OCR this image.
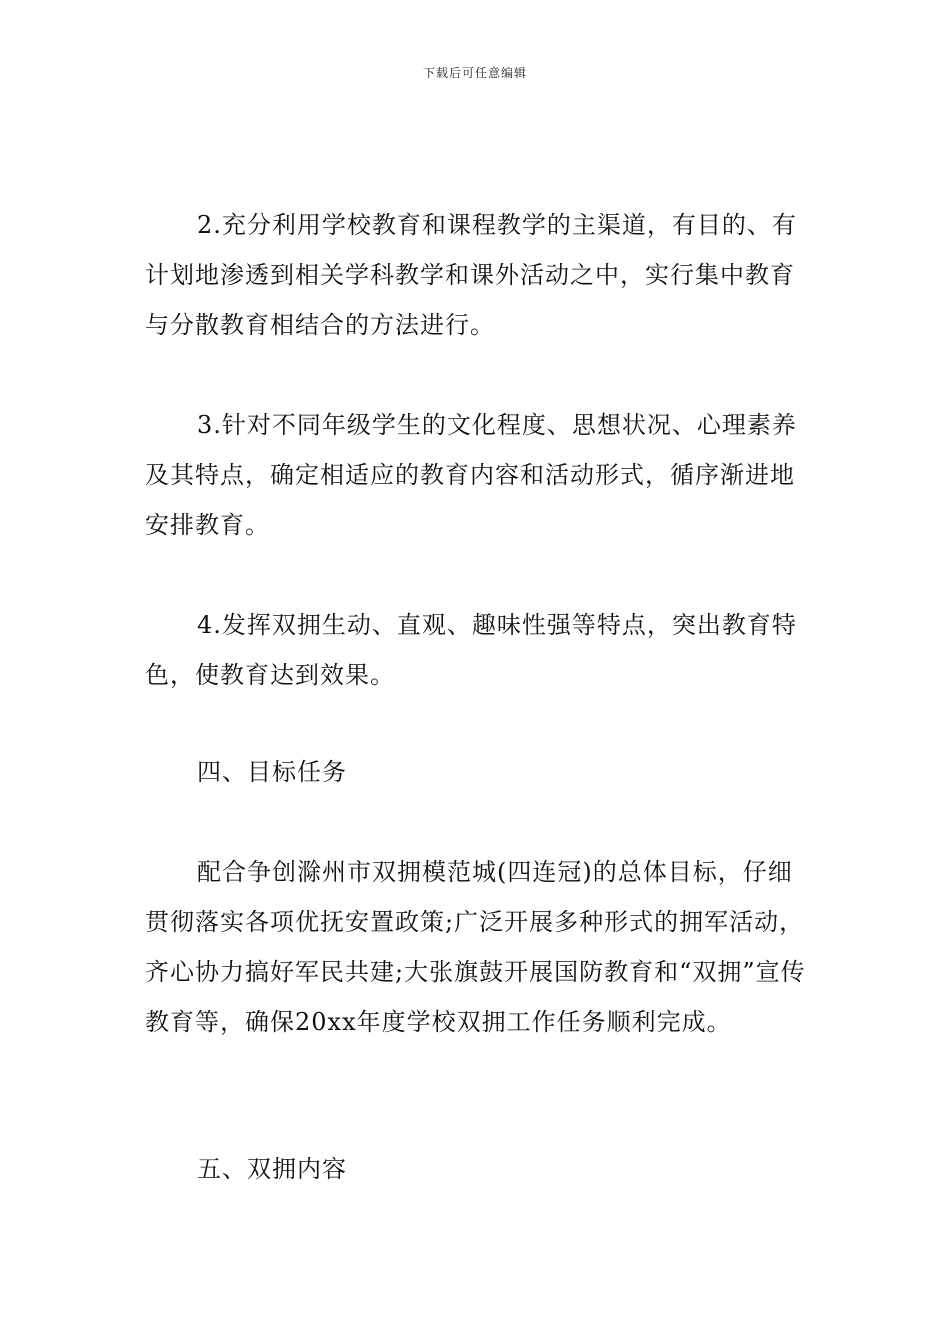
下载后可任意编辑

2.充分利用学校教育和课程教学的主渠道，有目的、有计划地渗透到相关学科教学和课外活动之中，实行集中教育与分散教育相结合的方法进行。

3.针对不同年级学生的文化程度、思想状况、心理素养及其特点，确定相适应的教育内容和活动形式，循序渐进地安排教育。

4.发挥双拥生动、直观、趣味性强等特点，突出教育特色，使教育达到效果。

四、目标任务

配合争创滁州市双拥模范城(四连冠)的总体目标，仔细贯彻落实各项优抚安置政策;广泛开展多种形式的拥军活动，齐心协力搞好军民共建;大张旗鼓开展国防教育和“双拥”宣传教育等，确保20xx年度学校双拥工作任务顺利完成。

五、双拥内容
